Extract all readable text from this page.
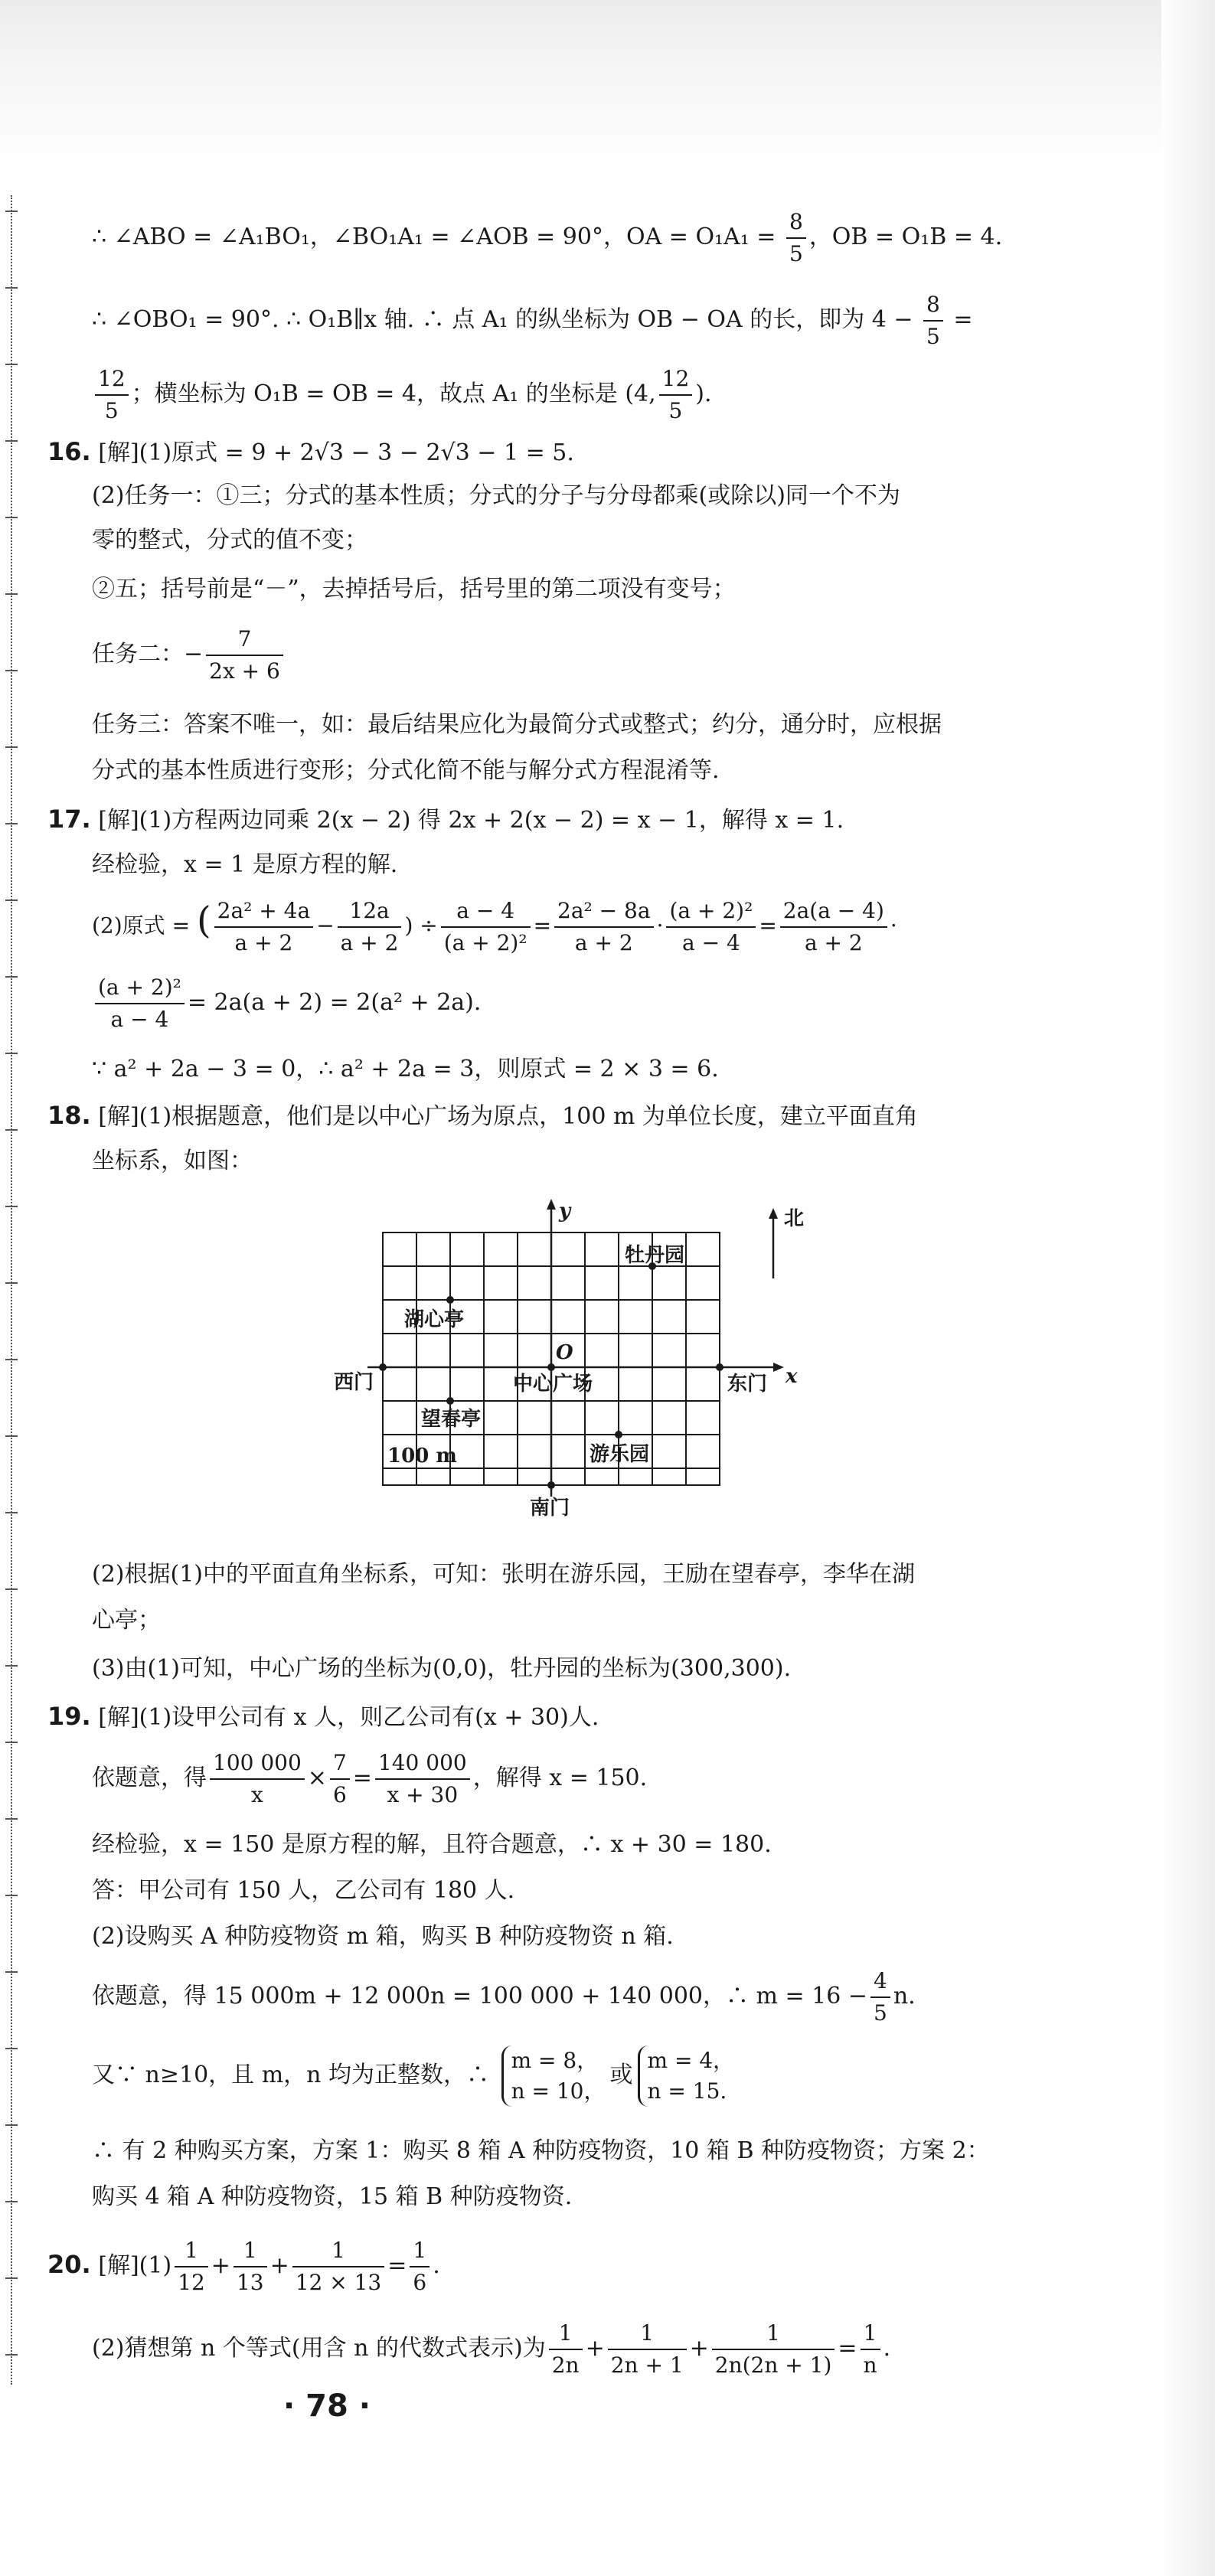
∴ ∠ABO = ∠A₁BO₁，∠BO₁A₁ = ∠AOB = 90°，OA = $O_1A_1 = \frac{8}{5}$ ，OB = O₁B = 4.
∴ ∠OBO₁ = 90°. ∴ O₁B∥x 轴. ∴ 点 A₁ 的纵坐标为 OB − OA 的长，即为 $4 - \frac{8}{5}$ =
$\frac{12}{5}$ ；横坐标为 O₁B = OB = 4，故点 A₁ 的坐标是 (4, $\frac{12}{5}$ ).
16. [解](1)原式 = 9 + 2√3 − 3 − 2√3 − 1 = 5.
(2)任务一：①三；分式的基本性质；分式的分子与分母都乘(或除以)同一个不为
零的整式，分式的值不变；
②五；括号前是“－”，去掉括号后，括号里的第二项没有变号；
任务二：− $\frac{7}{2x + 6}$
任务三：答案不唯一，如：最后结果应化为最简分式或整式；约分，通分时，应根据
分式的基本性质进行变形；分式化简不能与解分式方程混淆等.
17. [解](1)方程两边同乘 2(x − 2) 得 2x + 2(x − 2) = x − 1，解得 x = 1.
经检验，x = 1 是原方程的解.
(2)原式 = ( $\frac{\text{2a² + 4a}}{a + 2} - \frac{12a}{a + 2}$ ) ÷ $\frac{a - 4}{\text{(a + 2)²}} = \frac{\text{2a² − 8a}}{a + 2} \cdot \frac{\text{(a + 2)²}}{a - 4} = \frac{2a(a - 4)}{a + 2}$ ·
$\frac{\text{(a + 2)²}}{a - 4} = 2a(a + 2) = 2(a^2 + 2a)$.
∵ a² + 2a − 3 = 0，∴ a² + 2a = 3，则原式 = 2 × 3 = 6.
18. [解](1)根据题意，他们是以中心广场为原点，100 m 为单位长度，建立平面直角
坐标系，如图：
y
x
北
O
牡丹园
湖心亭
西门	东门
中心广场
望春亭
100 m	游乐园
南门
(2)根据(1)中的平面直角坐标系，可知：张明在游乐园，王励在望春亭，李华在湖
心亭；
(3)由(1)可知，中心广场的坐标为(0,0)，牡丹园的坐标为(300,300).
19. [解](1)设甲公司有 x 人，则乙公司有(x + 30)人.
依题意，得 $\frac{100 000}{x} \times \frac{7}{6} = \frac{140 000}{x + 30}$ ，解得 x = 150.
经检验，x = 150 是原方程的解，且符合题意，∴ x + 30 = 180.
答：甲公司有 150 人，乙公司有 180 人.
(2)设购买 A 种防疫物资 m 箱，购买 B 种防疫物资 n 箱.
依题意，得 15 000m + 12 000n = 100 000 + 140 000，∴ $m = 16 - \frac{4}{5} n$.
又∵ n≥10，且 m，n 均为正整数，∴
m = 8，
n = 10，
或
m = 4，
n = 15.
∴ 有 2 种购买方案，方案 1：购买 8 箱 A 种防疫物资，10 箱 B 种防疫物资；方案 2：
购买 4 箱 A 种防疫物资，15 箱 B 种防疫物资.
20. [解]$(1) \frac{1}{12} + \frac{1}{13} + \frac{1}{12 \times 13} = \frac{1}{6}$ .
(2)猜想第 n 个等式(用含 n 的代数式表示)为 $\frac{1}{2n} + \frac{1}{2n + 1} + \frac{1}{2n(2n + 1)} = \frac{1}{n}$ .
· 78 ·
